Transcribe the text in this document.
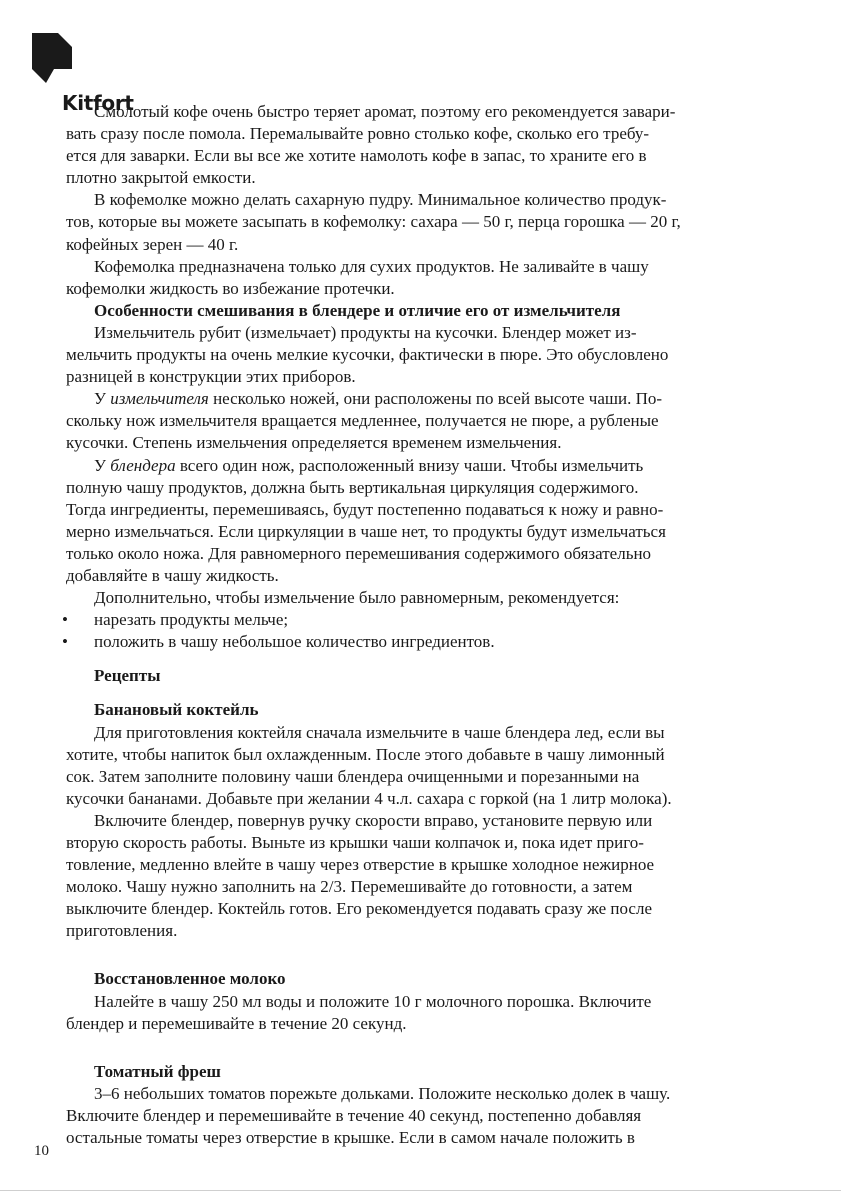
Kitfort
Смолотый кофе очень быстро теряет аромат, поэтому его рекомендуется завари-
вать сразу после помола. Перемалывайте ровно столько кофе, сколько его требу-
ется для заварки. Если вы все же хотите намолоть кофе в запас, то храните его в
плотно закрытой емкости.
В кофемолке можно делать сахарную пудру. Минимальное количество продук-
тов, которые вы можете засыпать в кофемолку: сахара — 50 г, перца горошка — 20 г,
кофейных зерен — 40 г.
Кофемолка предназначена только для сухих продуктов. Не заливайте в чашу
кофемолки жидкость во избежание протечки.
Особенности смешивания в блендере и отличие его от измельчителя
Измельчитель рубит (измельчает) продукты на кусочки. Блендер может из-
мельчить продукты на очень мелкие кусочки, фактически в пюре. Это обусловлено
разницей в конструкции этих приборов.
У измельчителя несколько ножей, они расположены по всей высоте чаши. По-
скольку нож измельчителя вращается медленнее, получается не пюре, а рубленые
кусочки. Степень измельчения определяется временем измельчения.
У блендера всего один нож, расположенный внизу чаши. Чтобы измельчить
полную чашу продуктов, должна быть вертикальная циркуляция содержимого.
Тогда ингредиенты, перемешиваясь, будут постепенно подаваться к ножу и равно-
мерно измельчаться. Если циркуляции в чаше нет, то продукты будут измельчаться
только около ножа. Для равномерного перемешивания содержимого обязательно
добавляйте в чашу жидкость.
Дополнительно, чтобы измельчение было равномерным, рекомендуется:
• нарезать продукты мельче;
• положить в чашу небольшое количество ингредиентов.
Рецепты
Банановый коктейль
Для приготовления коктейля сначала измельчите в чаше блендера лед, если вы
хотите, чтобы напиток был охлажденным. После этого добавьте в чашу лимонный
сок. Затем заполните половину чаши блендера очищенными и порезанными на
кусочки бананами. Добавьте при желании 4 ч.л. сахара с горкой (на 1 литр молока).
Включите блендер, повернув ручку скорости вправо, установите первую или
вторую скорость работы. Выньте из крышки чаши колпачок и, пока идет приго-
товление, медленно влейте в чашу через отверстие в крышке холодное нежирное
молоко. Чашу нужно заполнить на 2/3. Перемешивайте до готовности, а затем
выключите блендер. Коктейль готов. Его рекомендуется подавать сразу же после
приготовления.
Восстановленное молоко
Налейте в чашу 250 мл воды и положите 10 г молочного порошка. Включите
блендер и перемешивайте в течение 20 секунд.
Томатный фреш
3–6 небольших томатов порежьте дольками. Положите несколько долек в чашу.
Включите блендер и перемешивайте в течение 40 секунд, постепенно добавляя
остальные томаты через отверстие в крышке. Если в самом начале положить в
10
